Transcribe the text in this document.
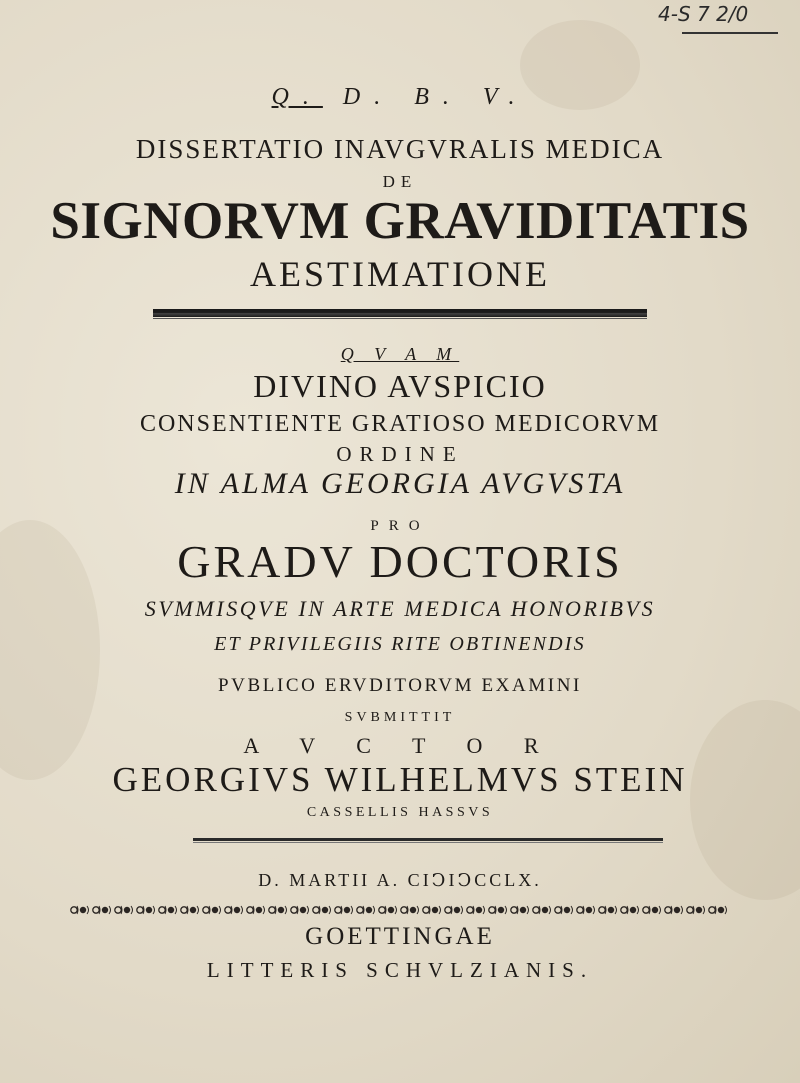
4-S 7 2/0
Q. D. B. V.
DISSERTATIO INAVGVRALIS MEDICA
DE
SIGNORVM GRAVIDITATIS
AESTIMATIONE
Q V A M
DIVINO AVSPICIO
CONSENTIENTE GRATIOSO MEDICORVM
ORDINE
IN ALMA GEORGIA AVGVSTA
PRO
GRADV DOCTORIS
SVMMISQVE IN ARTE MEDICA HONORIBVS
ET PRIVILEGIIS RITE OBTINENDIS
PVBLICO ERVDITORVM EXAMINI
SVBMITTIT
A V C T O R
GEORGIVS WILHELMVS STEIN
CASSELLIS HASSVS
D. MARTII A. CIↃIↃCCLX.
GOETTINGAE
LITTERIS SCHVLZIANIS.
